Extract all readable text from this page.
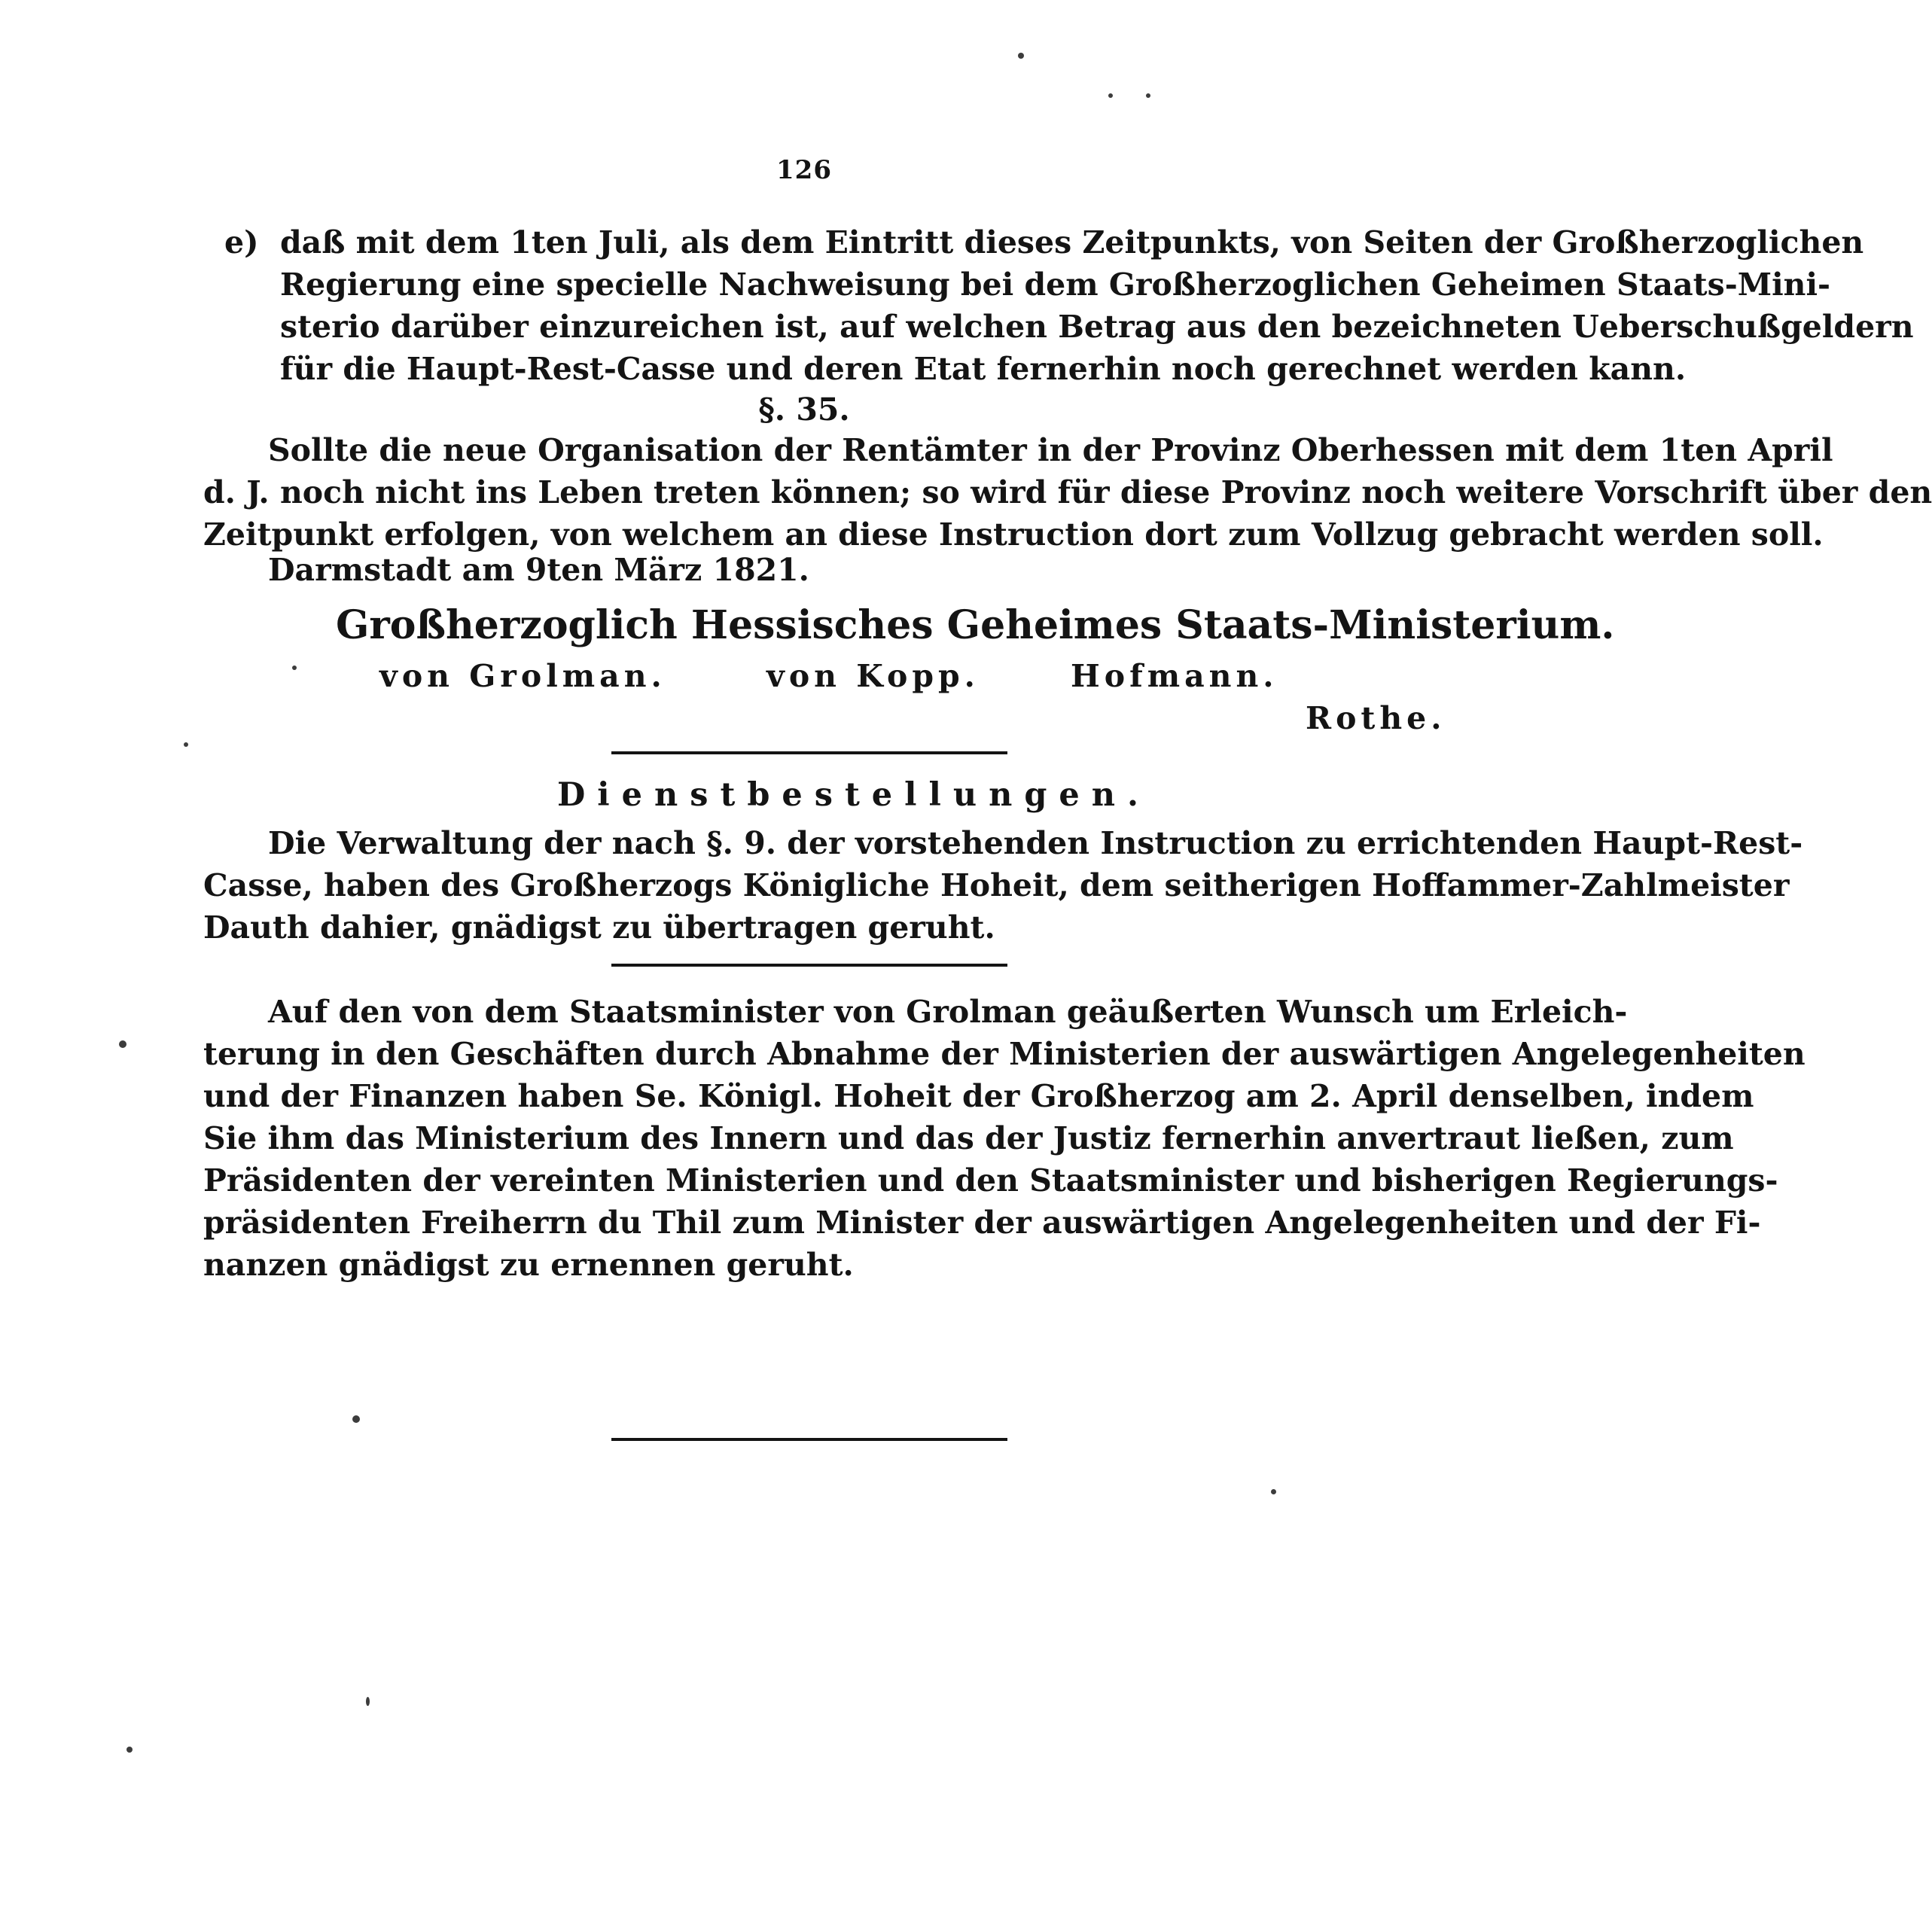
126
e) daß mit dem 1ten Juli, als dem Eintritt dieses Zeitpunkts, von Seiten der Großherzoglichen
Regierung eine specielle Nachweisung bei dem Großherzoglichen Geheimen Staats-Mini-
sterio darüber einzureichen ist, auf welchen Betrag aus den bezeichneten Ueberschußgeldern
für die Haupt-Rest-Casse und deren Etat fernerhin noch gerechnet werden kann.
§. 35.
Sollte die neue Organisation der Rentämter in der Provinz Oberhessen mit dem 1ten April
d. J. noch nicht ins Leben treten können; so wird für diese Provinz noch weitere Vorschrift über den
Zeitpunkt erfolgen, von welchem an diese Instruction dort zum Vollzug gebracht werden soll.
Darmstadt am 9ten März 1821.
Großherzoglich Hessisches Geheimes Staats-Ministerium.
von Grolman.	von Kopp.	Hofmann.
Rothe.
Dienstbestellungen.
Die Verwaltung der nach §. 9. der vorstehenden Instruction zu errichtenden Haupt-Rest-
Casse, haben des Großherzogs Königliche Hoheit, dem seitherigen Hoffammer-Zahlmeister
Dauth dahier, gnädigst zu übertragen geruht.
Auf den von dem Staatsminister von Grolman geäußerten Wunsch um Erleich-
terung in den Geschäften durch Abnahme der Ministerien der auswärtigen Angelegenheiten
und der Finanzen haben Se. Königl. Hoheit der Großherzog am 2. April denselben, indem
Sie ihm das Ministerium des Innern und das der Justiz fernerhin anvertraut ließen, zum
Präsidenten der vereinten Ministerien und den Staatsminister und bisherigen Regierungs-
präsidenten Freiherrn du Thil zum Minister der auswärtigen Angelegenheiten und der Fi-
nanzen gnädigst zu ernennen geruht.
